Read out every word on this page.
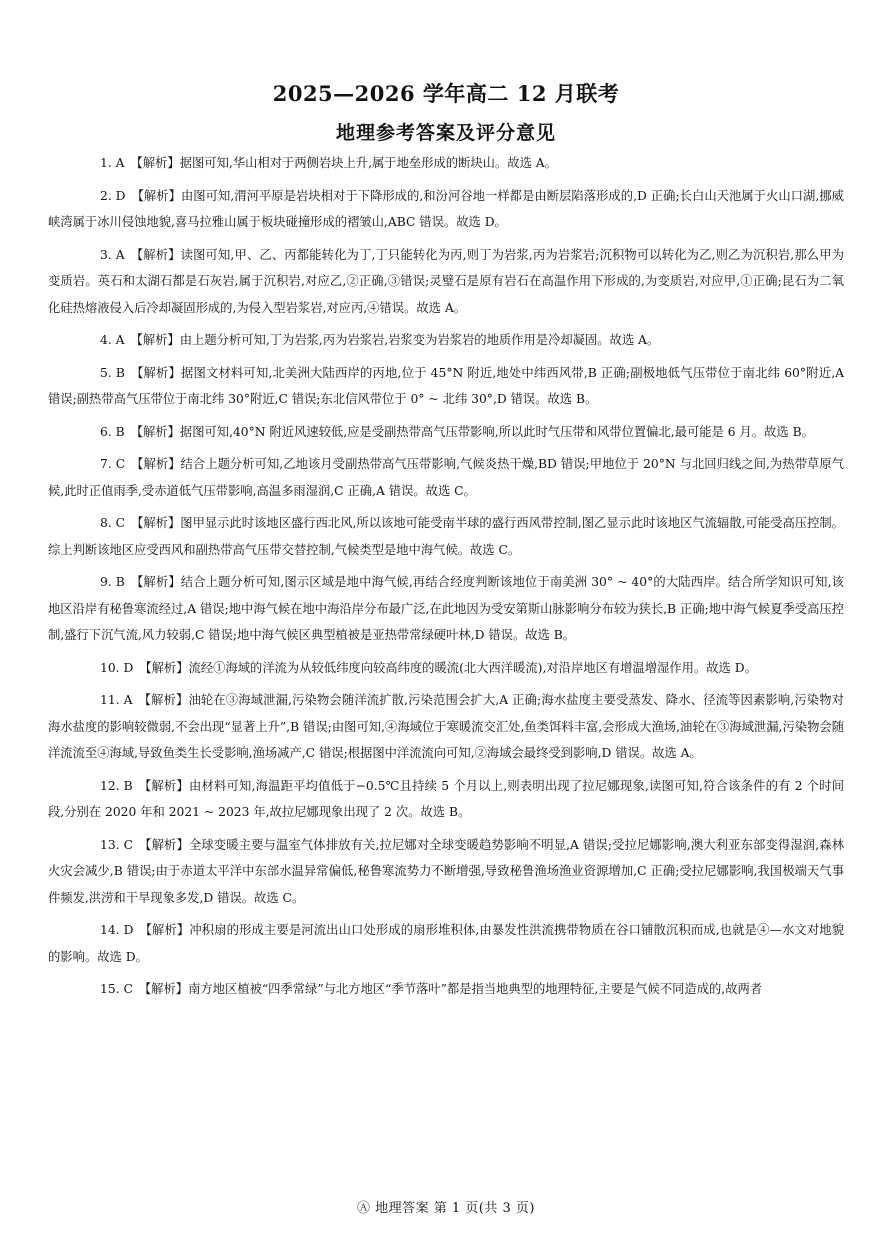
2025—2026 学年高二 12 月联考
地理参考答案及评分意见
1. A 【解析】据图可知,华山相对于两侧岩块上升,属于地垒形成的断块山。故选 A。
2. D 【解析】由图可知,渭河平原是岩块相对于下降形成的,和汾河谷地一样都是由断层陷落形成的,D 正确;长白山天池属于火山口湖,挪威峡湾属于冰川侵蚀地貌,喜马拉雅山属于板块碰撞形成的褶皱山,ABC 错误。故选 D。
3. A 【解析】读图可知,甲、乙、丙都能转化为丁,丁只能转化为丙,则丁为岩浆,丙为岩浆岩;沉积物可以转化为乙,则乙为沉积岩,那么甲为变质岩。英石和太湖石都是石灰岩,属于沉积岩,对应乙,②正确,③错误;灵璧石是原有岩石在高温作用下形成的,为变质岩,对应甲,①正确;昆石为二氧化硅热熔液侵入后冷却凝固形成的,为侵入型岩浆岩,对应丙,④错误。故选 A。
4. A 【解析】由上题分析可知,丁为岩浆,丙为岩浆岩,岩浆变为岩浆岩的地质作用是冷却凝固。故选 A。
5. B 【解析】据图文材料可知,北美洲大陆西岸的丙地,位于 45°N 附近,地处中纬西风带,B 正确;副极地低气压带位于南北纬 60°附近,A 错误;副热带高气压带位于南北纬 30°附近,C 错误;东北信风带位于 0° ~ 北纬 30°,D 错误。故选 B。
6. B 【解析】据图可知,40°N 附近风速较低,应是受副热带高气压带影响,所以此时气压带和风带位置偏北,最可能是 6 月。故选 B。
7. C 【解析】结合上题分析可知,乙地该月受副热带高气压带影响,气候炎热干燥,BD 错误;甲地位于 20°N 与北回归线之间,为热带草原气候,此时正值雨季,受赤道低气压带影响,高温多雨湿润,C 正确,A 错误。故选 C。
8. C 【解析】图甲显示此时该地区盛行西北风,所以该地可能受南半球的盛行西风带控制,图乙显示此时该地区气流辐散,可能受高压控制。综上判断该地区应受西风和副热带高气压带交替控制,气候类型是地中海气候。故选 C。
9. B 【解析】结合上题分析可知,图示区域是地中海气候,再结合经度判断该地位于南美洲 30° ~ 40°的大陆西岸。结合所学知识可知,该地区沿岸有秘鲁寒流经过,A 错误;地中海气候在地中海沿岸分布最广泛,在此地因为受安第斯山脉影响分布较为狭长,B 正确;地中海气候夏季受高压控制,盛行下沉气流,风力较弱,C 错误;地中海气候区典型植被是亚热带常绿硬叶林,D 错误。故选 B。
10. D 【解析】流经①海域的洋流为从较低纬度向较高纬度的暖流(北大西洋暖流),对沿岸地区有增温增湿作用。故选 D。
11. A 【解析】油轮在③海域泄漏,污染物会随洋流扩散,污染范围会扩大,A 正确;海水盐度主要受蒸发、降水、径流等因素影响,污染物对海水盐度的影响较微弱,不会出现“显著上升”,B 错误;由图可知,④海域位于寒暖流交汇处,鱼类饵料丰富,会形成大渔场,油轮在③海域泄漏,污染物会随洋流流至④海域,导致鱼类生长受影响,渔场减产,C 错误;根据图中洋流流向可知,②海域会最终受到影响,D 错误。故选 A。
12. B 【解析】由材料可知,海温距平均值低于−0.5℃且持续 5 个月以上,则表明出现了拉尼娜现象,读图可知,符合该条件的有 2 个时间段,分别在 2020 年和 2021 ~ 2023 年,故拉尼娜现象出现了 2 次。故选 B。
13. C 【解析】全球变暖主要与温室气体排放有关,拉尼娜对全球变暖趋势影响不明显,A 错误;受拉尼娜影响,澳大利亚东部变得湿润,森林火灾会减少,B 错误;由于赤道太平洋中东部水温异常偏低,秘鲁寒流势力不断增强,导致秘鲁渔场渔业资源增加,C 正确;受拉尼娜影响,我国极端天气事件频发,洪涝和干旱现象多发,D 错误。故选 C。
14. D 【解析】冲积扇的形成主要是河流出山口处形成的扇形堆积体,由暴发性洪流携带物质在谷口铺散沉积而成,也就是④—水文对地貌的影响。故选 D。
15. C 【解析】南方地区植被“四季常绿”与北方地区“季节落叶”都是指当地典型的地理特征,主要是气候不同造成的,故两者
Ⓐ 地理答案 第 1 页(共 3 页)
